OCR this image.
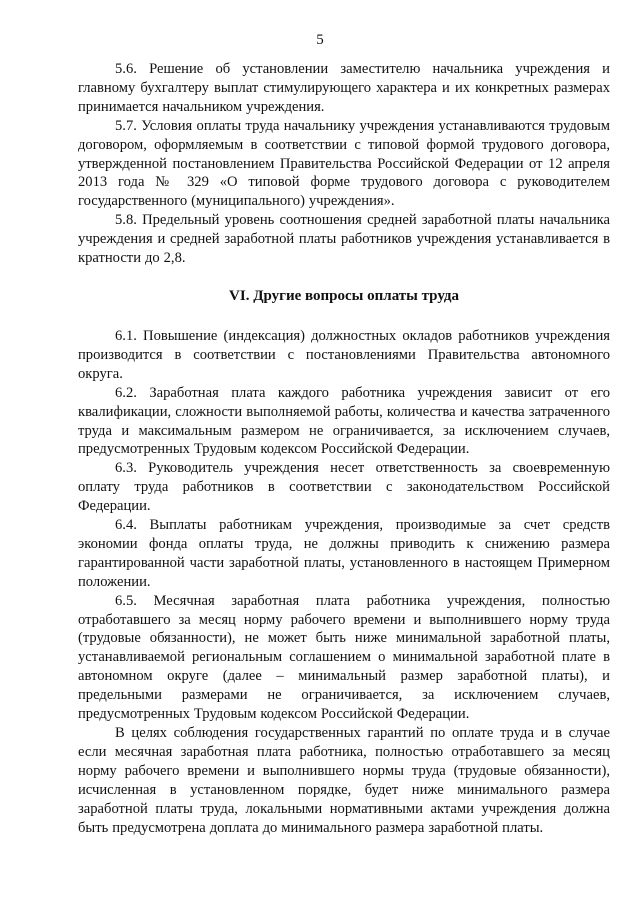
5

5.6. Решение об установлении заместителю начальника учреждения и главному бухгалтеру выплат стимулирующего характера и их конкретных размерах принимается начальником учреждения.

5.7. Условия оплаты труда начальнику учреждения устанавливаются трудовым договором, оформляемым в соответствии с типовой формой трудового договора, утвержденной постановлением Правительства Российской Федерации от 12 апреля 2013 года № 329 «О типовой форме трудового договора с руководителем государственного (муниципального) учреждения».

5.8. Предельный уровень соотношения средней заработной платы начальника учреждения и средней заработной платы работников учреждения устанавливается в кратности до 2,8.

VI. Другие вопросы оплаты труда

6.1. Повышение (индексация) должностных окладов работников учреждения производится в соответствии с постановлениями Правительства автономного округа.

6.2. Заработная плата каждого работника учреждения зависит от его квалификации, сложности выполняемой работы, количества и качества затраченного труда и максимальным размером не ограничивается, за исключением случаев, предусмотренных Трудовым кодексом Российской Федерации.

6.3. Руководитель учреждения несет ответственность за своевременную оплату труда работников в соответствии с законодательством Российской Федерации.

6.4. Выплаты работникам учреждения, производимые за счет средств экономии фонда оплаты труда, не должны приводить к снижению размера гарантированной части заработной платы, установленного в настоящем Примерном положении.

6.5. Месячная заработная плата работника учреждения, полностью отработавшего за месяц норму рабочего времени и выполнившего норму труда (трудовые обязанности), не может быть ниже минимальной заработной платы, устанавливаемой региональным соглашением о минимальной заработной плате в автономном округе (далее – минимальный размер заработной платы), и предельными размерами не ограничивается, за исключением случаев, предусмотренных Трудовым кодексом Российской Федерации.

В целях соблюдения государственных гарантий по оплате труда и в случае если месячная заработная плата работника, полностью отработавшего за месяц норму рабочего времени и выполнившего нормы труда (трудовые обязанности), исчисленная в установленном порядке, будет ниже минимального размера заработной платы труда, локальными нормативными актами учреждения должна быть предусмотрена доплата до минимального размера заработной платы.
